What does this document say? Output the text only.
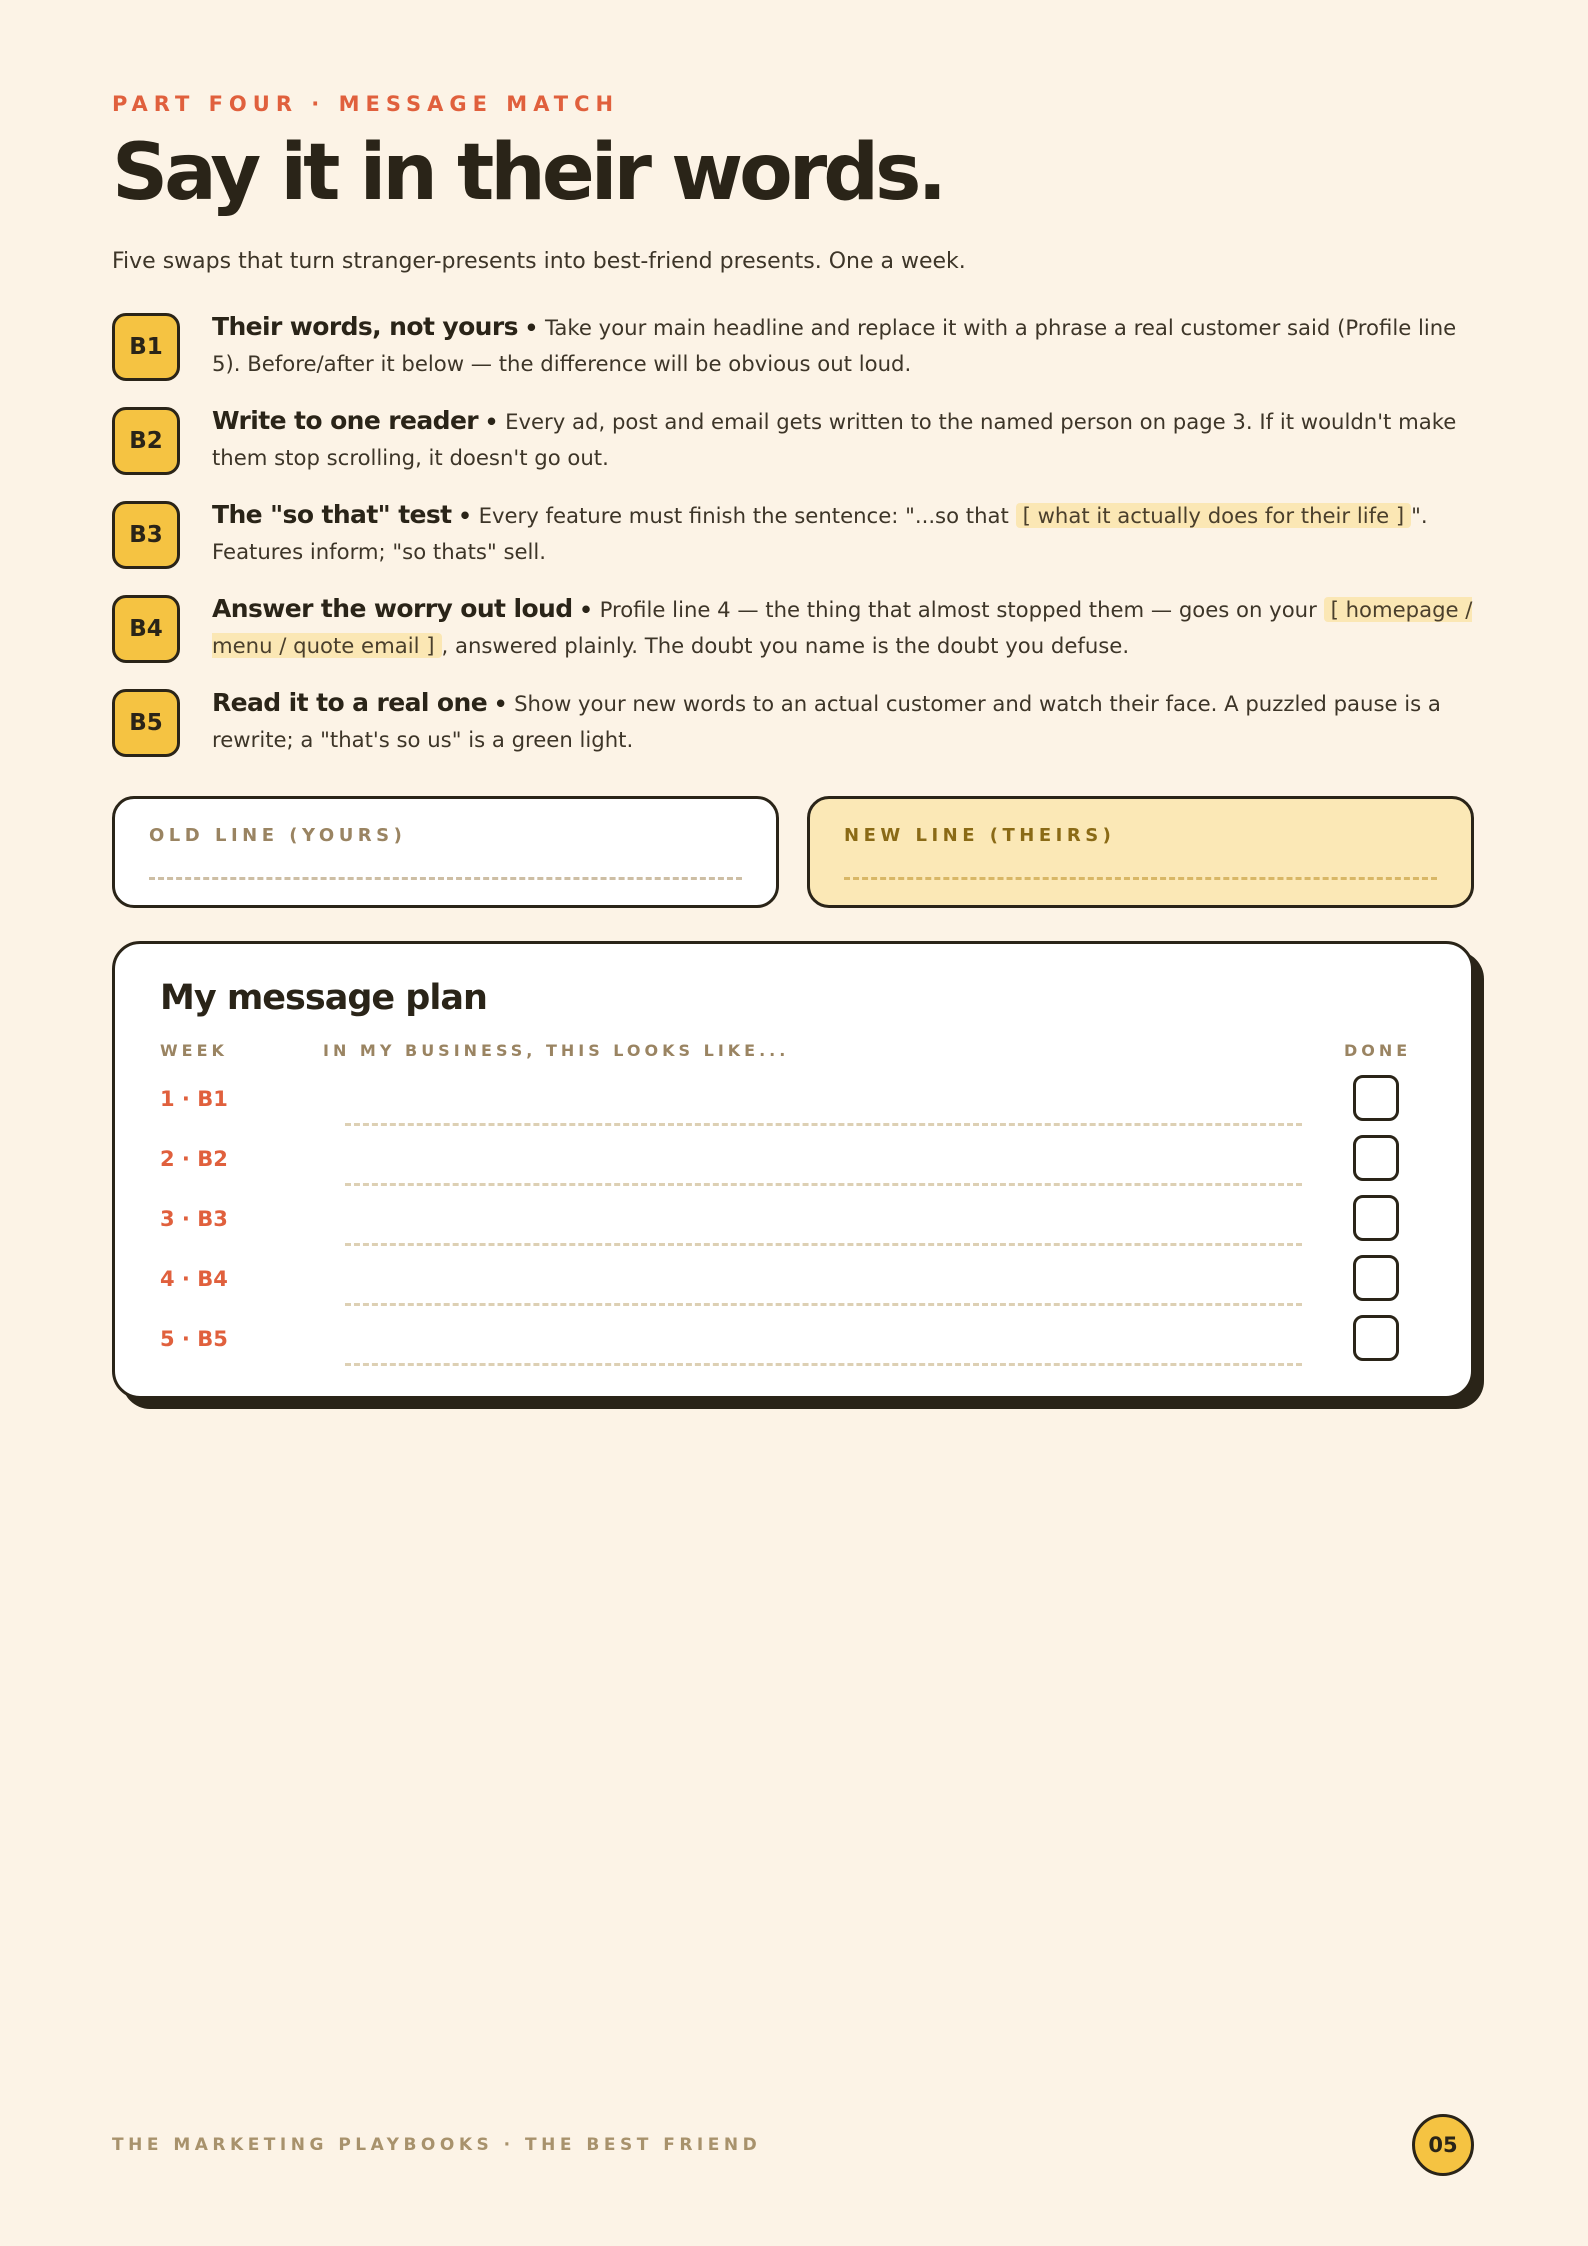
PART FOUR · MESSAGE MATCH
Say it in their words.
Five swaps that turn stranger-presents into best-friend presents. One a week.
B1
Their words, not yours • Take your main headline and replace it with a phrase a real customer said (Profile line 5). Before/after it below — the difference will be obvious out loud.
B2
Write to one reader • Every ad, post and email gets written to the named person on page 3. If it wouldn't make them stop scrolling, it doesn't go out.
B3
The "so that" test • Every feature must finish the sentence: "...so that [ what it actually does for their life ] ". Features inform; "so thats" sell.
B4
Answer the worry out loud • Profile line 4 — the thing that almost stopped them — goes on your [ homepage / menu / quote email ] , answered plainly. The doubt you name is the doubt you defuse.
B5
Read it to a real one • Show your new words to an actual customer and watch their face. A puzzled pause is a rewrite; a "that's so us" is a green light.
OLD LINE (YOURS)	NEW LINE (THEIRS)
My message plan
WEEK	IN MY BUSINESS, THIS LOOKS LIKE...	DONE
1 · B1
2 · B2
3 · B3
4 · B4
5 · B5
THE MARKETING PLAYBOOKS · THE BEST FRIEND	05
